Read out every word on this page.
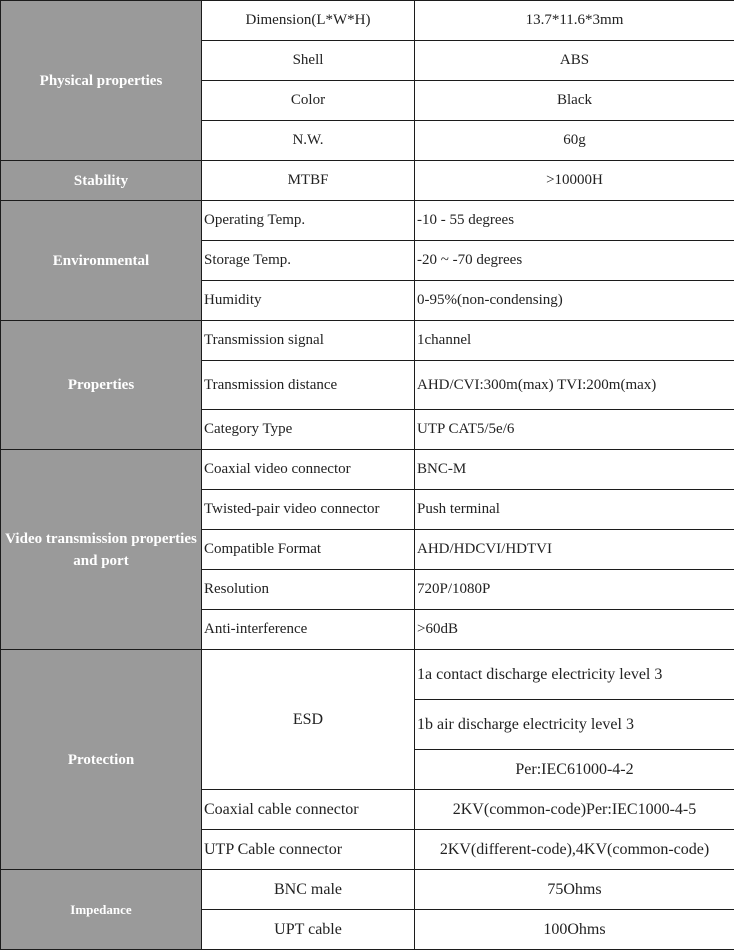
Physical properties	Dimension(L*W*H)	13.7*11.6*3mm
	Shell	ABS
	Color	Black
	N.W.	60g
Stability	MTBF	>10000H
Environmental	Operating Temp.	-10 - 55 degrees
	Storage Temp.	-20 ~ -70 degrees
	Humidity	0-95%(non-condensing)
Properties	Transmission signal	1channel
	Transmission distance	AHD/CVI:300m(max) TVI:200m(max)
	Category Type	UTP CAT5/5e/6
Video transmission properties and port	Coaxial video connector	BNC-M
	Twisted-pair video connector	Push terminal
	Compatible Format	AHD/HDCVI/HDTVI
	Resolution	720P/1080P
	Anti-interference	>60dB
Protection	ESD	1a contact discharge electricity level 3
		1b air discharge electricity level 3
		Per:IEC61000-4-2
	Coaxial cable connector	2KV(common-code)Per:IEC1000-4-5
	UTP Cable connector	2KV(different-code),4KV(common-code)
Impedance	BNC male	75Ohms
	UPT cable	100Ohms
